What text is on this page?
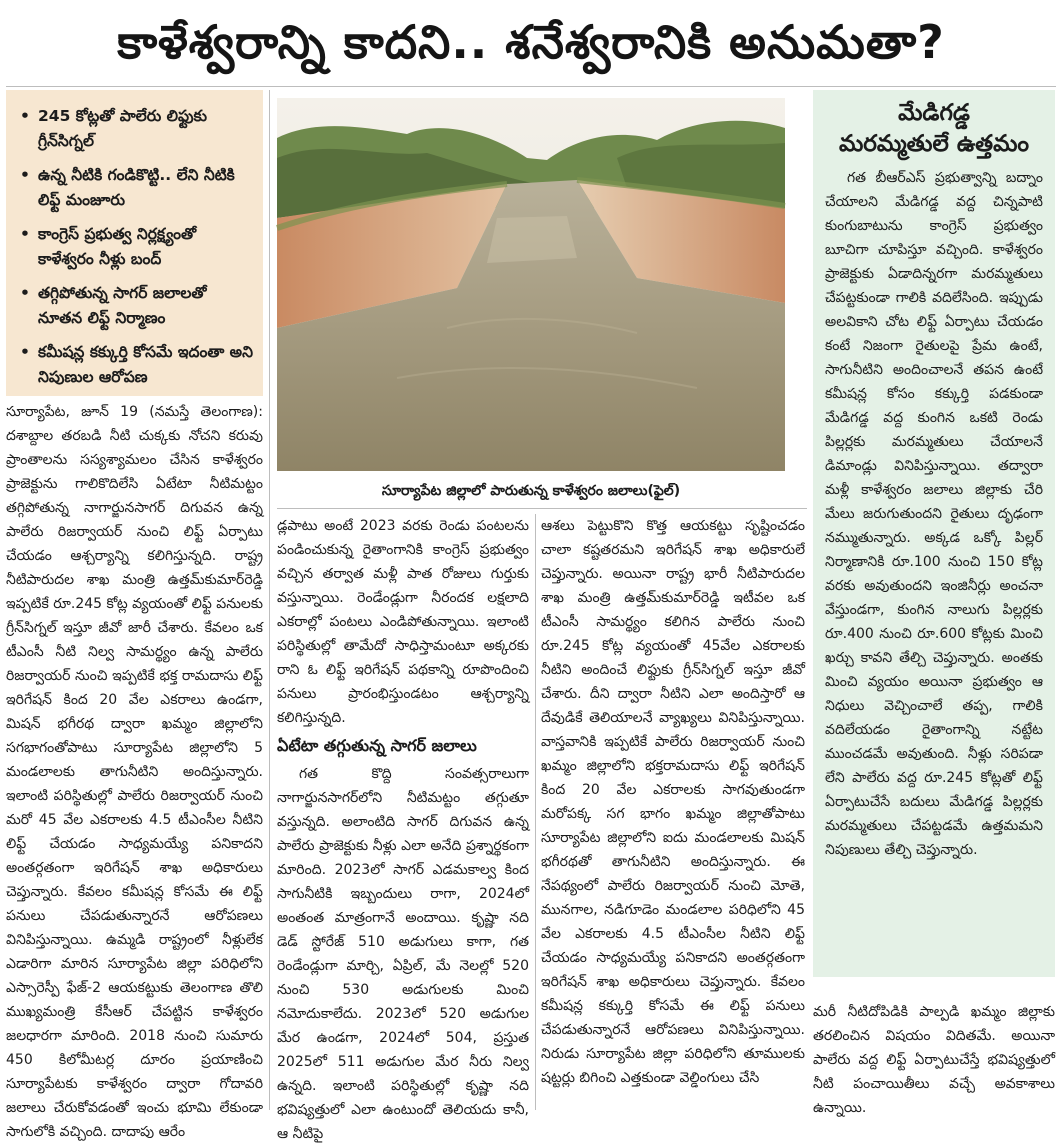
కాళేశ్వరాన్ని కాదని.. శనేశ్వరానికి అనుమతా?
• 245 కోట్లతో పాలేరు లిఫ్టుకు గ్రీన్‌సిగ్నల్
• ఉన్న నీటికి గండికొట్టి.. లేని నీటికి లిఫ్ట్ మంజూరు
• కాంగ్రెస్ ప్రభుత్వ నిర్లక్ష్యంతో కాళేశ్వరం నీళ్లు బంద్
• తగ్గిపోతున్న సాగర్ జలాలతో నూతన లిఫ్ట్ నిర్మాణం
• కమీషన్ల కక్కుర్తి కోసమే ఇదంతా అని నిపుణుల ఆరోపణ
సూర్యాపేట జిల్లాలో పారుతున్న కాళేశ్వరం జలాలు(ఫైల్)

సూర్యాపేట, జూన్ 19 (నమస్తే తెలంగాణ): దశాబ్దాల తరబడి నీటి చుక్కకు నోచని కరువు ప్రాంతాలను సస్యశ్యామలం చేసిన కాళేశ్వరం ప్రాజెక్టును గాలికొదిలేసి ఏటేటా నీటిమట్టం తగ్గిపోతున్న నాగార్జునసాగర్ దిగువన ఉన్న పాలేరు రిజర్వాయర్ నుంచి లిఫ్ట్ ఏర్పాటు చేయడం ఆశ్చర్యాన్ని కలిగిస్తున్నది. రాష్ట్ర నీటిపారుదల శాఖ మంత్రి ఉత్తమ్‌కుమార్‌రెడ్డి ఇప్పటికే రూ.245 కోట్ల వ్యయంతో లిఫ్ట్ పనులకు గ్రీన్‌సిగ్నల్ ఇస్తూ జీవో జారీ చేశారు. కేవలం ఒక టీఎంసీ నీటి నిల్వ సామర్థ్యం ఉన్న పాలేరు రిజర్వాయర్ నుంచి ఇప్పటికే భక్త రామదాసు లిఫ్ట్ ఇరిగేషన్ కింద 20 వేల ఎకరాలు ఉండగా, మిషన్ భగీరథ ద్వారా ఖమ్మం జిల్లాలోని సగభాగంతోపాటు సూర్యాపేట జిల్లాలోని 5 మండలాలకు తాగునీటిని అందిస్తున్నారు. ఇలాంటి పరిస్థితుల్లో పాలేరు రిజర్వాయర్ నుంచి మరో 45 వేల ఎకరాలకు 4.5 టీఎంసీల నీటిని లిఫ్ట్ చేయడం సాధ్యమయ్యే పనికాదని అంతర్గతంగా ఇరిగేషన్ శాఖ అధికారులు చెప్తున్నారు. కేవలం కమీషన్ల కోసమే ఈ లిఫ్ట్ పనులు చేపడుతున్నారనే ఆరోపణలు వినిపిస్తున్నాయి. ఉమ్మడి రాష్ట్రంలో నీళ్లులేక ఎడారిగా మారిన సూర్యాపేట జిల్లా పరిధిలోని ఎస్సారెస్పీ ఫేజ్-2 ఆయకట్టుకు తెలంగాణ తొలి ముఖ్యమంత్రి కేసీఆర్ చేపట్టిన కాళేశ్వరం జలధారగా మారింది. 2018 నుంచి సుమారు 450 కిలోమీటర్ల దూరం ప్రయాణించి సూర్యాపేటకు కాళేశ్వరం ద్వారా గోదావరి జలాలు చేరుకోవడంతో ఇంచు భూమి లేకుండా సాగులోకి వచ్చింది. దాదాపు ఆరేం

డ్లపాటు అంటే 2023 వరకు రెండు పంటలను పండించుకున్న రైతాంగానికి కాంగ్రెస్ ప్రభుత్వం వచ్చిన తర్వాత మళ్లీ పాత రోజులు గుర్తుకు వస్తున్నాయి. రెండేండ్లుగా నీరందక లక్షలాది ఎకరాల్లో పంటలు ఎండిపోతున్నాయి. ఇలాంటి పరిస్థితుల్లో తామేదో సాధిస్తామంటూ అక్కరకు రాని ఓ లిఫ్ట్ ఇరిగేషన్ పథకాన్ని రూపొందించి పనులు ప్రారంభిస్తుండటం ఆశ్చర్యాన్ని కలిగిస్తున్నది.

ఏటేటా తగ్గుతున్న సాగర్ జలాలు

గత కొద్ది సంవత్సరాలుగా నాగార్జునసాగర్‌లోని నీటిమట్టం తగ్గుతూ వస్తున్నది. అలాంటిది సాగర్ దిగువన ఉన్న పాలేరు ప్రాజెక్టుకు నీళ్లు ఎలా అనేది ప్రశ్నార్థకంగా మారింది. 2023లో సాగర్ ఎడమకాల్వ కింద సాగునీటికి ఇబ్బందులు రాగా, 2024లో అంతంత మాత్రంగానే అందాయి. కృష్ణా నది డెడ్ స్టోరేజ్ 510 అడుగులు కాగా, గత రెండేండ్లుగా మార్చి, ఏప్రిల్, మే నెలల్లో 520 నుంచి 530 అడుగులకు మించి నమోదుకాలేదు. 2023లో 520 అడుగుల మేర ఉండగా, 2024లో 504, ప్రస్తుత 2025లో 511 అడుగుల మేర నీరు నిల్వ ఉన్నది. ఇలాంటి పరిస్థితుల్లో కృష్ణా నది భవిష్యత్తులో ఎలా ఉంటుందో తెలియదు కానీ, ఆ నీటిపై

ఆశలు పెట్టుకొని కొత్త ఆయకట్టు సృష్టించడం చాలా కష్టతరమని ఇరిగేషన్ శాఖ అధికారులే చెప్తున్నారు. అయినా రాష్ట్ర భారీ నీటిపారుదల శాఖ మంత్రి ఉత్తమ్‌కుమార్‌రెడ్డి ఇటీవల ఒక టీఎంసీ సామర్థ్యం కలిగిన పాలేరు నుంచి రూ.245 కోట్ల వ్యయంతో 45వేల ఎకరాలకు నీటిని అందించే లిఫ్టుకు గ్రీన్‌సిగ్నల్ ఇస్తూ జీవో చేశారు. దీని ద్వారా నీటిని ఎలా అందిస్తారో ఆ దేవుడికే తెలియాలనే వ్యాఖ్యలు వినిపిస్తున్నాయి. వాస్తవానికి ఇప్పటికే పాలేరు రిజర్వాయర్ నుంచి ఖమ్మం జిల్లాలోని భక్తరామదాసు లిఫ్ట్ ఇరిగేషన్ కింద 20 వేల ఎకరాలకు సాగవుతుండగా మరోపక్క సగ భాగం ఖమ్మం జిల్లాతోపాటు సూర్యాపేట జిల్లాలోని ఐదు మండలాలకు మిషన్ భగీరథతో తాగునీటిని అందిస్తున్నారు. ఈ నేపథ్యంలో పాలేరు రిజర్వాయర్ నుంచి మోతె, మునగాల, నడిగూడెం మండలాల పరిధిలోని 45 వేల ఎకరాలకు 4.5 టీఎంసీల నీటిని లిఫ్ట్ చేయడం సాధ్యమయ్యే పనికాదని అంతర్గతంగా ఇరిగేషన్ శాఖ అధికారులు చెప్తున్నారు. కేవలం కమీషన్ల కక్కుర్తి కోసమే ఈ లిఫ్ట్ పనులు చేపడుతున్నారనే ఆరోపణలు వినిపిస్తున్నాయి. నిరుడు సూర్యాపేట జిల్లా పరిధిలోని తూములకు షట్టర్లు బిగించి ఎత్తకుండా వెల్డింగులు చేసి

మేడిగడ్డ
మరమ్మతులే ఉత్తమం

గత బీఆర్‌ఎస్ ప్రభుత్వాన్ని బద్నాం చేయాలని మేడిగడ్డ వద్ద చిన్నపాటి కుంగుబాటును కాంగ్రెస్ ప్రభుత్వం బూచిగా చూపిస్తూ వచ్చింది. కాళేశ్వరం ప్రాజెక్టుకు ఏడాదిన్నరగా మరమ్మతులు చేపట్టకుండా గాలికి వదిలేసింది. ఇప్పుడు అలవికాని చోట లిఫ్ట్ ఏర్పాటు చేయడం కంటే నిజంగా రైతులపై ప్రేమ ఉంటే, సాగునీటిని అందించాలనే తపన ఉంటే కమీషన్ల కోసం కక్కుర్తి పడకుండా మేడిగడ్డ వద్ద కుంగిన ఒకటి రెండు పిల్లర్లకు మరమ్మతులు చేయాలనే డిమాండ్లు వినిపిస్తున్నాయి. తద్వారా మళ్లీ కాళేశ్వరం జలాలు జిల్లాకు చేరి మేలు జరుగుతుందని రైతులు దృఢంగా నమ్ముతున్నారు. అక్కడ ఒక్కో పిల్లర్ నిర్మాణానికి రూ.100 నుంచి 150 కోట్ల వరకు అవుతుందని ఇంజినీర్లు అంచనా వేస్తుండగా, కుంగిన నాలుగు పిల్లర్లకు రూ.400 నుంచి రూ.600 కోట్లకు మించి ఖర్చు కావని తేల్చి చెప్తున్నారు. అంతకు మించి వ్యయం అయినా ప్రభుత్వం ఆ నిధులు వెచ్చించాలే తప్ప, గాలికి వదిలేయడం రైతాంగాన్ని నట్టేట ముంచడమే అవుతుంది. నీళ్లు సరిపడా లేని పాలేరు వద్ద రూ.245 కోట్లతో లిఫ్ట్ ఏర్పాటుచేసే బదులు మేడిగడ్డ పిల్లర్లకు మరమ్మతులు చేపట్టడమే ఉత్తమమని నిపుణులు తేల్చి చెప్తున్నారు.

మరీ నీటిదోపిడికి పాల్పడి ఖమ్మం జిల్లాకు తరలించిన విషయం విదితమే. అయినా పాలేరు వద్ద లిఫ్ట్ ఏర్పాటుచేస్తే భవిష్యత్తులో నీటి పంచాయితీలు వచ్చే అవకాశాలు ఉన్నాయి.
